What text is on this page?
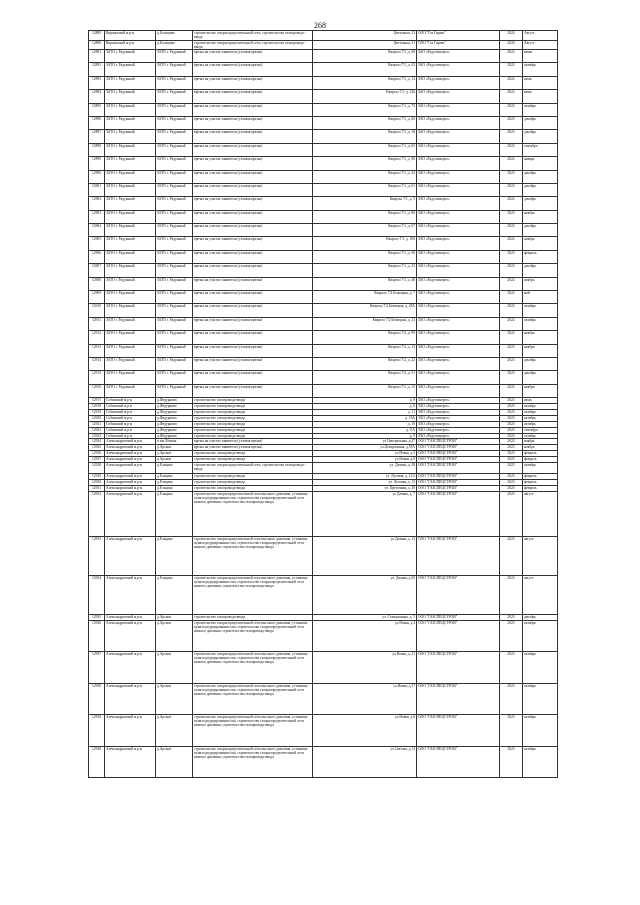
268
12889	Киржачский м.р-н	д.Босищево	строительство газораспределительной сети, строительство газопровода-ввода	Цветочная, 23	ООО "Газ Гарант"	2024	Август
12890	Киржачский м.р-н	д.Босищево	строительство газораспределительной сети, строительство газопровода-ввода	Цветочная, 31	ООО "Газ Гарант"	2024	Август
12891	ЗАТО г. Радужный	ЗАТО г. Радужный	врезка на участке заявителя (узловая врезка)	Квартал 7/1, д. 68	ЗАО «Радугаэнерго»	2022	июнь
12892	ЗАТО г. Радужный	ЗАТО г. Радужный	врезка на участке заявителя (узловая врезка)	Квартал 7/1, д. 43	ЗАО «Радугаэнерго»	2022	октябрь
12893	ЗАТО г. Радужный	ЗАТО г. Радужный	врезка на участке заявителя (узловая врезка)	Квартал 7/1, д. 12	ЗАО «Радугаэнерго»	2022	июль
12894	ЗАТО г. Радужный	ЗАТО г. Радужный	врезка на участке заявителя (узловая врезка)	Квартал 7/1, д. 126	ЗАО «Радугаэнерго»	2022	июль
12895	ЗАТО г. Радужный	ЗАТО г. Радужный	врезка на участке заявителя (узловая врезка)	Квартал 7/1, д. 72	ЗАО «Радугаэнерго»	2022	октябрь
12896	ЗАТО г. Радужный	ЗАТО г. Радужный	врезка на участке заявителя (узловая врезка)	Квартал 7/1, д. 60	ЗАО «Радугаэнерго»	2023	декабрь
12897	ЗАТО г. Радужный	ЗАТО г. Радужный	врезка на участке заявителя (узловая врезка)	Квартал 7/1, д. 18	ЗАО «Радугаэнерго»	2023	декабрь
12898	ЗАТО г. Радужный	ЗАТО г. Радужный	врезка на участке заявителя (узловая врезка)	Квартал 7/1, д. 65	ЗАО «Радугаэнерго»	2022	сентябрь
12899	ЗАТО г. Радужный	ЗАТО г. Радужный	врезка на участке заявителя (узловая врезка)	Квартал 7/1, д. 96	ЗАО «Радугаэнерго»	2022	январь
12900	ЗАТО г. Радужный	ЗАТО г. Радужный	врезка на участке заявителя (узловая врезка)	Квартал 7/1, д. 32	ЗАО «Радугаэнерго»	2023	декабрь
12901	ЗАТО г. Радужный	ЗАТО г. Радужный	врезка на участке заявителя (узловая врезка)	Квартал 7/1, д. 61	ЗАО «Радугаэнерго»	2023	декабрь
12902	ЗАТО г. Радужный	ЗАТО г. Радужный	врезка на участке заявителя (узловая врезка)	Квартал 7/1, д. 5	ЗАО «Радугаэнерго»	2022	декабрь
12903	ЗАТО г. Радужный	ЗАТО г. Радужный	врезка на участке заявителя (узловая врезка)	Квартал 7/1, д. 80	ЗАО «Радугаэнерго»	2023	ноябрь
12904	ЗАТО г. Радужный	ЗАТО г. Радужный	врезка на участке заявителя (узловая врезка)	Квартал 7/1, д. 67	ЗАО «Радугаэнерго»	2022	декабрь
12905	ЗАТО г. Радужный	ЗАТО г. Радужный	врезка на участке заявителя (узловая врезка)	Квартал 7/1, д. 106	ЗАО «Радугаэнерго»	2022	ноябрь
12906	ЗАТО г. Радужный	ЗАТО г. Радужный	врезка на участке заявителя (узловая врезка)	Квартал 7/1, д. 50	ЗАО «Радугаэнерго»	2023	февраль
12907	ЗАТО г. Радужный	ЗАТО г. Радужный	врезка на участке заявителя (узловая врезка)	Квартал 7/1, д. 23	ЗАО «Радугаэнерго»	2023	декабрь
12908	ЗАТО г. Радужный	ЗАТО г. Радужный	врезка на участке заявителя (узловая врезка)	Квартал 7/1, д. 48	ЗАО «Радугаэнерго»	2022	ноябрь
12909	ЗАТО г. Радужный	ЗАТО г. Радужный	врезка на участке заявителя (узловая врезка)	Квартал 7/2 Бежецкая, д. 7	ЗАО «Радугаэнерго»	2022	май
12910	ЗАТО г. Радужный	ЗАТО г. Радужный	врезка на участке заявителя (узловая врезка)	Квартал 7/2 Бежецкая, д. 28А	ЗАО «Радугаэнерго»	2022	октябрь
12911	ЗАТО г. Радужный	ЗАТО г. Радужный	врезка на участке заявителя (узловая врезка)	Квартал 7/2 Бежецкая, д. 23	ЗАО «Радугаэнерго»	2022	октябрь
12912	ЗАТО г. Радужный	ЗАТО г. Радужный	врезка на участке заявителя (узловая врезка)	Квартал 7/2, д. 99	ЗАО «Радугаэнерго»	2022	ноябрь
12913	ЗАТО г. Радужный	ЗАТО г. Радужный	врезка на участке заявителя (узловая врезка)	Квартал 7/2, д. 13	ЗАО «Радугаэнерго»	2023	ноябрь
12914	ЗАТО г. Радужный	ЗАТО г. Радужный	врезка на участке заявителя (узловая врезка)	Квартал 7/2, д. 22	ЗАО «Радугаэнерго»	2023	декабрь
12915	ЗАТО г. Радужный	ЗАТО г. Радужный	врезка на участке заявителя (узловая врезка)	Квартал 7/2, д. 51	ЗАО «Радугаэнерго»	2023	декабрь
12916	ЗАТО г. Радужный	ЗАТО г. Радужный	врезка на участке заявителя (узловая врезка)	Квартал 7/1, д. 15	ЗАО «Радугаэнерго»	2022	ноябрь
12917	Собинский м.р-н	д.Федурново	строительство газопровода-ввода	д. 8	ЗАО «Радугаэнерго»	2023	июль
12918	Собинский м.р-н	д.Федурново	строительство газопровода-ввода	д. 6	ЗАО «Радугаэнерго»	2023	октябрь
12919	Собинский м.р-н	д.Федурново	строительство газопровода-ввода	д. 11	ЗАО «Радугаэнерго»	2023	октябрь
12920	Собинский м.р-н	д.Федурново	строительство газопровода-ввода	д. 10А	ЗАО «Радугаэнерго»	2023	октябрь
12921	Собинский м.р-н	д.Федурново	строительство газопровода-ввода	д. 10	ЗАО «Радугаэнерго»	2023	октябрь
12922	Собинский м.р-н	д.Федурново	строительство газопровода-ввода	д. 9 А	ЗАО «Радугаэнерго»	2023	сентябрь
12923	Собинский м.р-н	д.Федурново	строительство газопровода-ввода	д. 9	ЗАО «Радугаэнерго»	2023	октябрь
12924	Александровский м.р-н	п.им.Лёнина	врезка на участке заявителя (узловая врезка)	ул.Центральная, д.27	ООО "ГАЗСПЕЦСТРОЙ"	2022	ноябрь
12925	Александровский м.р-н	д.Арсаки	врезка на участке заявителя (узловая врезка)	ул.Центральная, д.59А	ООО "ГАЗСПЕЦСТРОЙ"	2023	ноябрь
12926	Александровский м.р-н	д.Арсаки	строительство газопровода-ввода	ул.Новая, д.3	ООО "ГАЗСПЕЦСТРОЙ"	2023	февраль
12927	Александровский м.р-н	д.Арсаки	строительство газопровода-ввода	ул.Новая, д.9	ООО "ГАЗСПЕЦСТРОЙ"	2023	февраль
12928	Александровский м.р-н	д.Ельцино	строительство газораспределительной сети, строительство газопровода-ввода	ул. Дачная, д. 28	ООО "ГАЗСПЕЦСТРОЙ"	2023	октябрь
12929	Александровский м.р-н	д.Ельцино	строительство газопровода-ввода	ул. Луговая, д. 11/2	ООО "ГАЗСПЕЦСТРОЙ"	2023	февраль
12930	Александровский м.р-н	д.Ельцино	строительство газопровода-ввода	ул. Луговая, д. 13	ООО "ГАЗСПЕЦСТРОЙ"	2023	февраль
12931	Александровский м.р-н	д.Ельцино	строительство газопровода-ввода	ул. Цветочная, д. 28	ООО "ГАЗСПЕЦСТРОЙ"	2023	февраль
12932	Александровский м.р-н	д.Ельцино	строительство газораспределительной сети высокого давления, установка пункта редуцирования газа, строительство газораспределительной сети низкого давления, строительство газопровода-ввода	ул.Дачная, д. 7	ООО "ГАЗСПЕЦСТРОЙ"	2023	август
12933	Александровский м.р-н	д.Ельцино	строительство газораспределительной сети высокого давления, установка пункта редуцирования газа, строительство газораспределительной сети низкого давления, строительство газопровода-ввода	ул.Дачная, д. 13	ООО "ГАЗСПЕЦСТРОЙ"	2023	август
12934	Александровский м.р-н	д.Ельцино	строительство газораспределительной сети высокого давления, установка пункта редуцирования газа, строительство газораспределительной сети низкого давления, строительство газопровода-ввода	ул. Дачная, д.20	ООО "ГАЗСПЕЦСТРОЙ"	2023	август
12935	Александровский м.р-н	д.Арсаки	строительство газопровода-ввода	ул. Станционная, д. 5	ООО "ГАЗСПЕЦСТРОЙ"	2023	декабрь
12936	Александровский м.р-н	д.Арсаки	строительство газораспределительной сети высокого давления, установка пункта редуцирования газа, строительство газораспределительной сети низкого давления, строительство газопровода-ввода	ул.Новая, д.4	ООО "ГАЗСПЕЦСТРОЙ"	2023	октябрь
12937	Александровский м.р-н	д.Арсаки	строительство газораспределительной сети высокого давления, установка пункта редуцирования газа, строительство газораспределительной сети низкого давления, строительство газопровода-ввода	ул.Новая, д. 21	ООО "ГАЗСПЕЦСТРОЙ"	2023	октябрь
12938	Александровский м.р-н	д.Арсаки	строительство газораспределительной сети высокого давления, установка пункта редуцирования газа, строительство газораспределительной сети низкого давления, строительство газопровода-ввода	ул.Новая, д.17	ООО "ГАЗСПЕЦСТРОЙ"	2023	октябрь
12939	Александровский м.р-н	д.Арсаки	строительство газораспределительной сети высокого давления, установка пункта редуцирования газа, строительство газораспределительной сети низкого давления, строительство газопровода-ввода	ул.Новая, д.8	ООО "ГАЗСПЕЦСТРОЙ"	2023	октябрь
12940	Александровский м.р-н	д.Арсаки	строительство газораспределительной сети высокого давления, установка пункта редуцирования газа, строительство газораспределительной сети низкого давления, строительство газопровода-ввода	ул.Светлая, д.13	ООО "ГАЗСПЕЦСТРОЙ"	2023	октябрь
